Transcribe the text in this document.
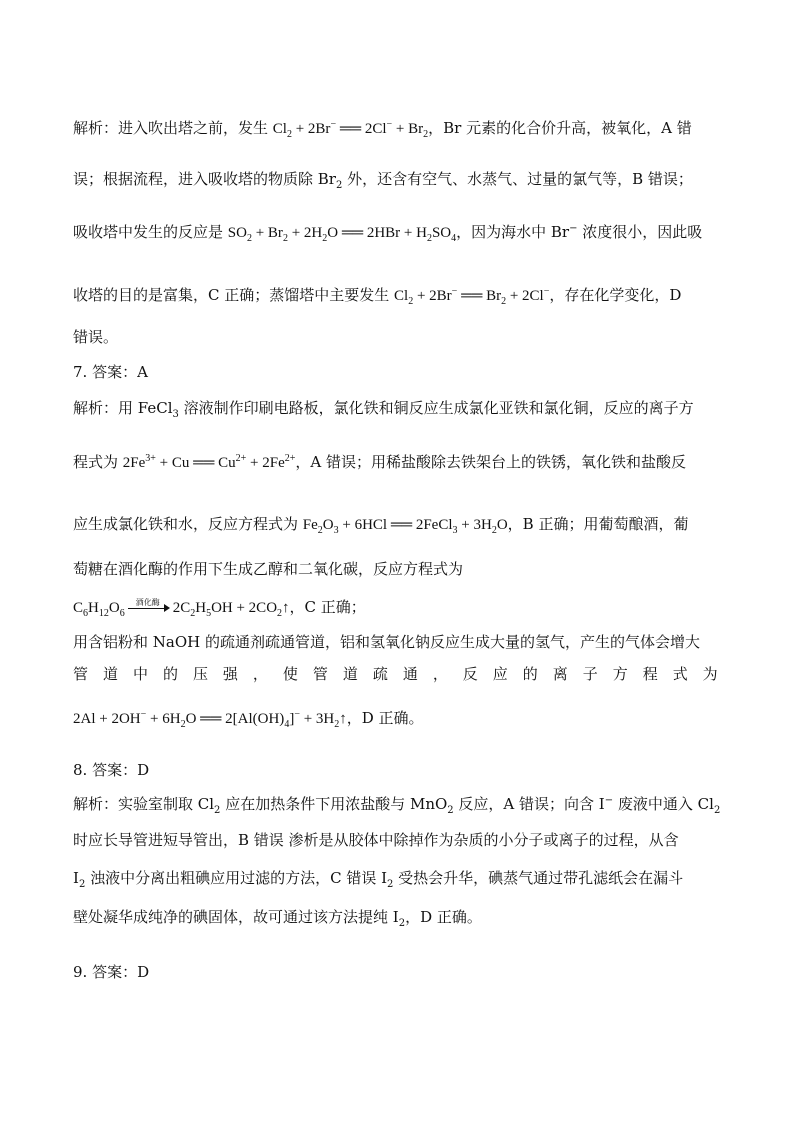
解析：进入吹出塔之前，发生 $Cl_2 + 2Br^-$ ══ $2Cl^- + Br_2$，Br 元素的化合价升高，被氧化，A 错
误；根据流程，进入吸收塔的物质除 $Br_2$ 外，还含有空气、水蒸气、过量的氯气等，B 错误；
吸收塔中发生的反应是 $SO_2 + Br_2 + 2H_2O$ ══ $2HBr + H_2SO_4$，因为海水中 Br− 浓度很小，因此吸
收塔的目的是富集，C 正确；蒸馏塔中主要发生 $Cl_2 + 2Br^-$ ══ $Br_2 + 2Cl^-$，存在化学变化，D
错误。
7. 答案：A
解析：用 FeCl$_3$ 溶液制作印刷电路板，氯化铁和铜反应生成氯化亚铁和氯化铜，反应的离子方
程式为 $2Fe^{3+} + Cu$ ══ $Cu^{2+} + 2Fe^{2+}$，A 错误；用稀盐酸除去铁架台上的铁锈，氧化铁和盐酸反
应生成氯化铁和水，反应方程式为 $Fe_2O_3 + 6HCl$ ══ 2FeCl$_3$ + $3H_2O$，B 正确；用葡萄酿酒，葡
萄糖在酒化酶的作用下生成乙醇和二氧化碳，反应方程式为
$C_6H_{12}O_6$
酒化酶 $2C_2H_5OH$ + $2CO_2↑$，C 正确；
用含铝粉和 NaOH 的疏通剂疏通管道，铝和氢氧化钠反应生成大量的氢气，产生的气体会增大
管 道 中 的 压 强 ， 使 管 道 疏 通 ， 反 应 的 离 子 方 程 式 为
$2Al + 2OH^- + 6H_2O$ ══ $2[Al(OH)_4]^-$ + $3H_2↑$，D 正确。
8. 答案：D
解析：实验室制取 $Cl_2$ 应在加热条件下用浓盐酸与 MnO$_2$ 反应，A 错误；向含 I− 废液中通入 $Cl_2$
时应长导管进短导管出，B 错误 渗析是从胶体中除掉作为杂质的小分子或离子的过程，从含
$I_2$ 浊液中分离出粗碘应用过滤的方法，C 错误 $I_2$ 受热会升华，碘蒸气通过带孔滤纸会在漏斗
壁处凝华成纯净的碘固体，故可通过该方法提纯 $I_2$，D 正确。
9. 答案：D
